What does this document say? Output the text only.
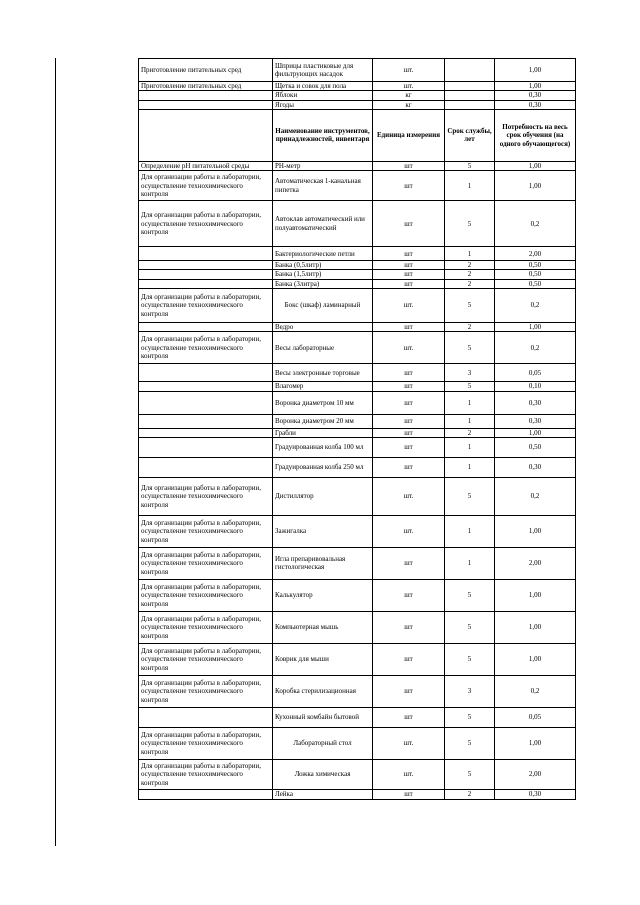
Приготовление питательных сред	Шприцы пластиковые для фильтрующих насадок	шт.		1,00
Приготовление питательных сред	Щетка и совок для пола	шт.		1,00
	Яблоки	кг		0,30
	Ягоды	кг		0,30
	Наименование инструментов, принадлежностей, инвентаря	Единица измерения	Срок службы, лет	Потребность на весь срок обучения (на одного обучающегося)
Определение pH питательной среды	PH-метр	шт	5	1,00
Для организации работы в лаборатории, осуществление технохимического контроля	Автоматическая 1-канальная пипетка	шт	1	1,00
Для организации работы в лаборатории, осуществление технохимического контроля	Автоклав автоматический или полуавтоматический	шт	5	0,2
	Бактериологические петли	шт	1	2,00
	Банка (0,5литр)	шт	2	0,50
	Банка (1,5литр)	шт	2	0,50
	Банка (3литра)	шт	2	0,50
Для организации работы в лаборатории, осуществление технохимического контроля	Бокс (шкаф) ламинарный	шт.	5	0,2
	Ведро	шт	2	1,00
Для организации работы в лаборатории, осуществление технохимического контроля	Весы лабораторные	шт.	5	0,2
	Весы электронные торговые	шт	3	0,05
	Влагомер	шт	5	0,10
	Воронка диаметром 10 мм	шт	1	0,30
	Воронка диаметром 20 мм	шт	1	0,30
	Грабли	шт	2	1,00
	Градуированная колба 100 мл	шт	1	0,50
	Градуированная колба 250 мл	шт	1	0,30
Для организации работы в лаборатории, осуществление технохимического контроля	Дистиллятор	шт.	5	0,2
Для организации работы в лаборатории, осуществление технохимического контроля	Зажигалка	шт.	1	1,00
Для организации работы в лаборатории, осуществление технохимического контроля	Игла препаривовальная гистологическая	шт	1	2,00
Для организации работы в лаборатории, осуществление технохимического контроля	Калькулятор	шт	5	1,00
Для организации работы в лаборатории, осуществление технохимического контроля	Компьютерная мышь	шт	5	1,00
Для организации работы в лаборатории, осуществление технохимического контроля	Коврик для мыши	шт	5	1,00
Для организации работы в лаборатории, осуществление технохимического контроля	Коробка стерилизационная	шт	3	0,2
	Кухонный комбайн бытовой	шт	5	0,05
Для организации работы в лаборатории, осуществление технохимического контроля	Лабораторный стол	шт.	5	1,00
Для организации работы в лаборатории, осуществление технохимического контроля	Ложка химическая	шт.	5	2,00
	Лейка	шт	2	0,30
